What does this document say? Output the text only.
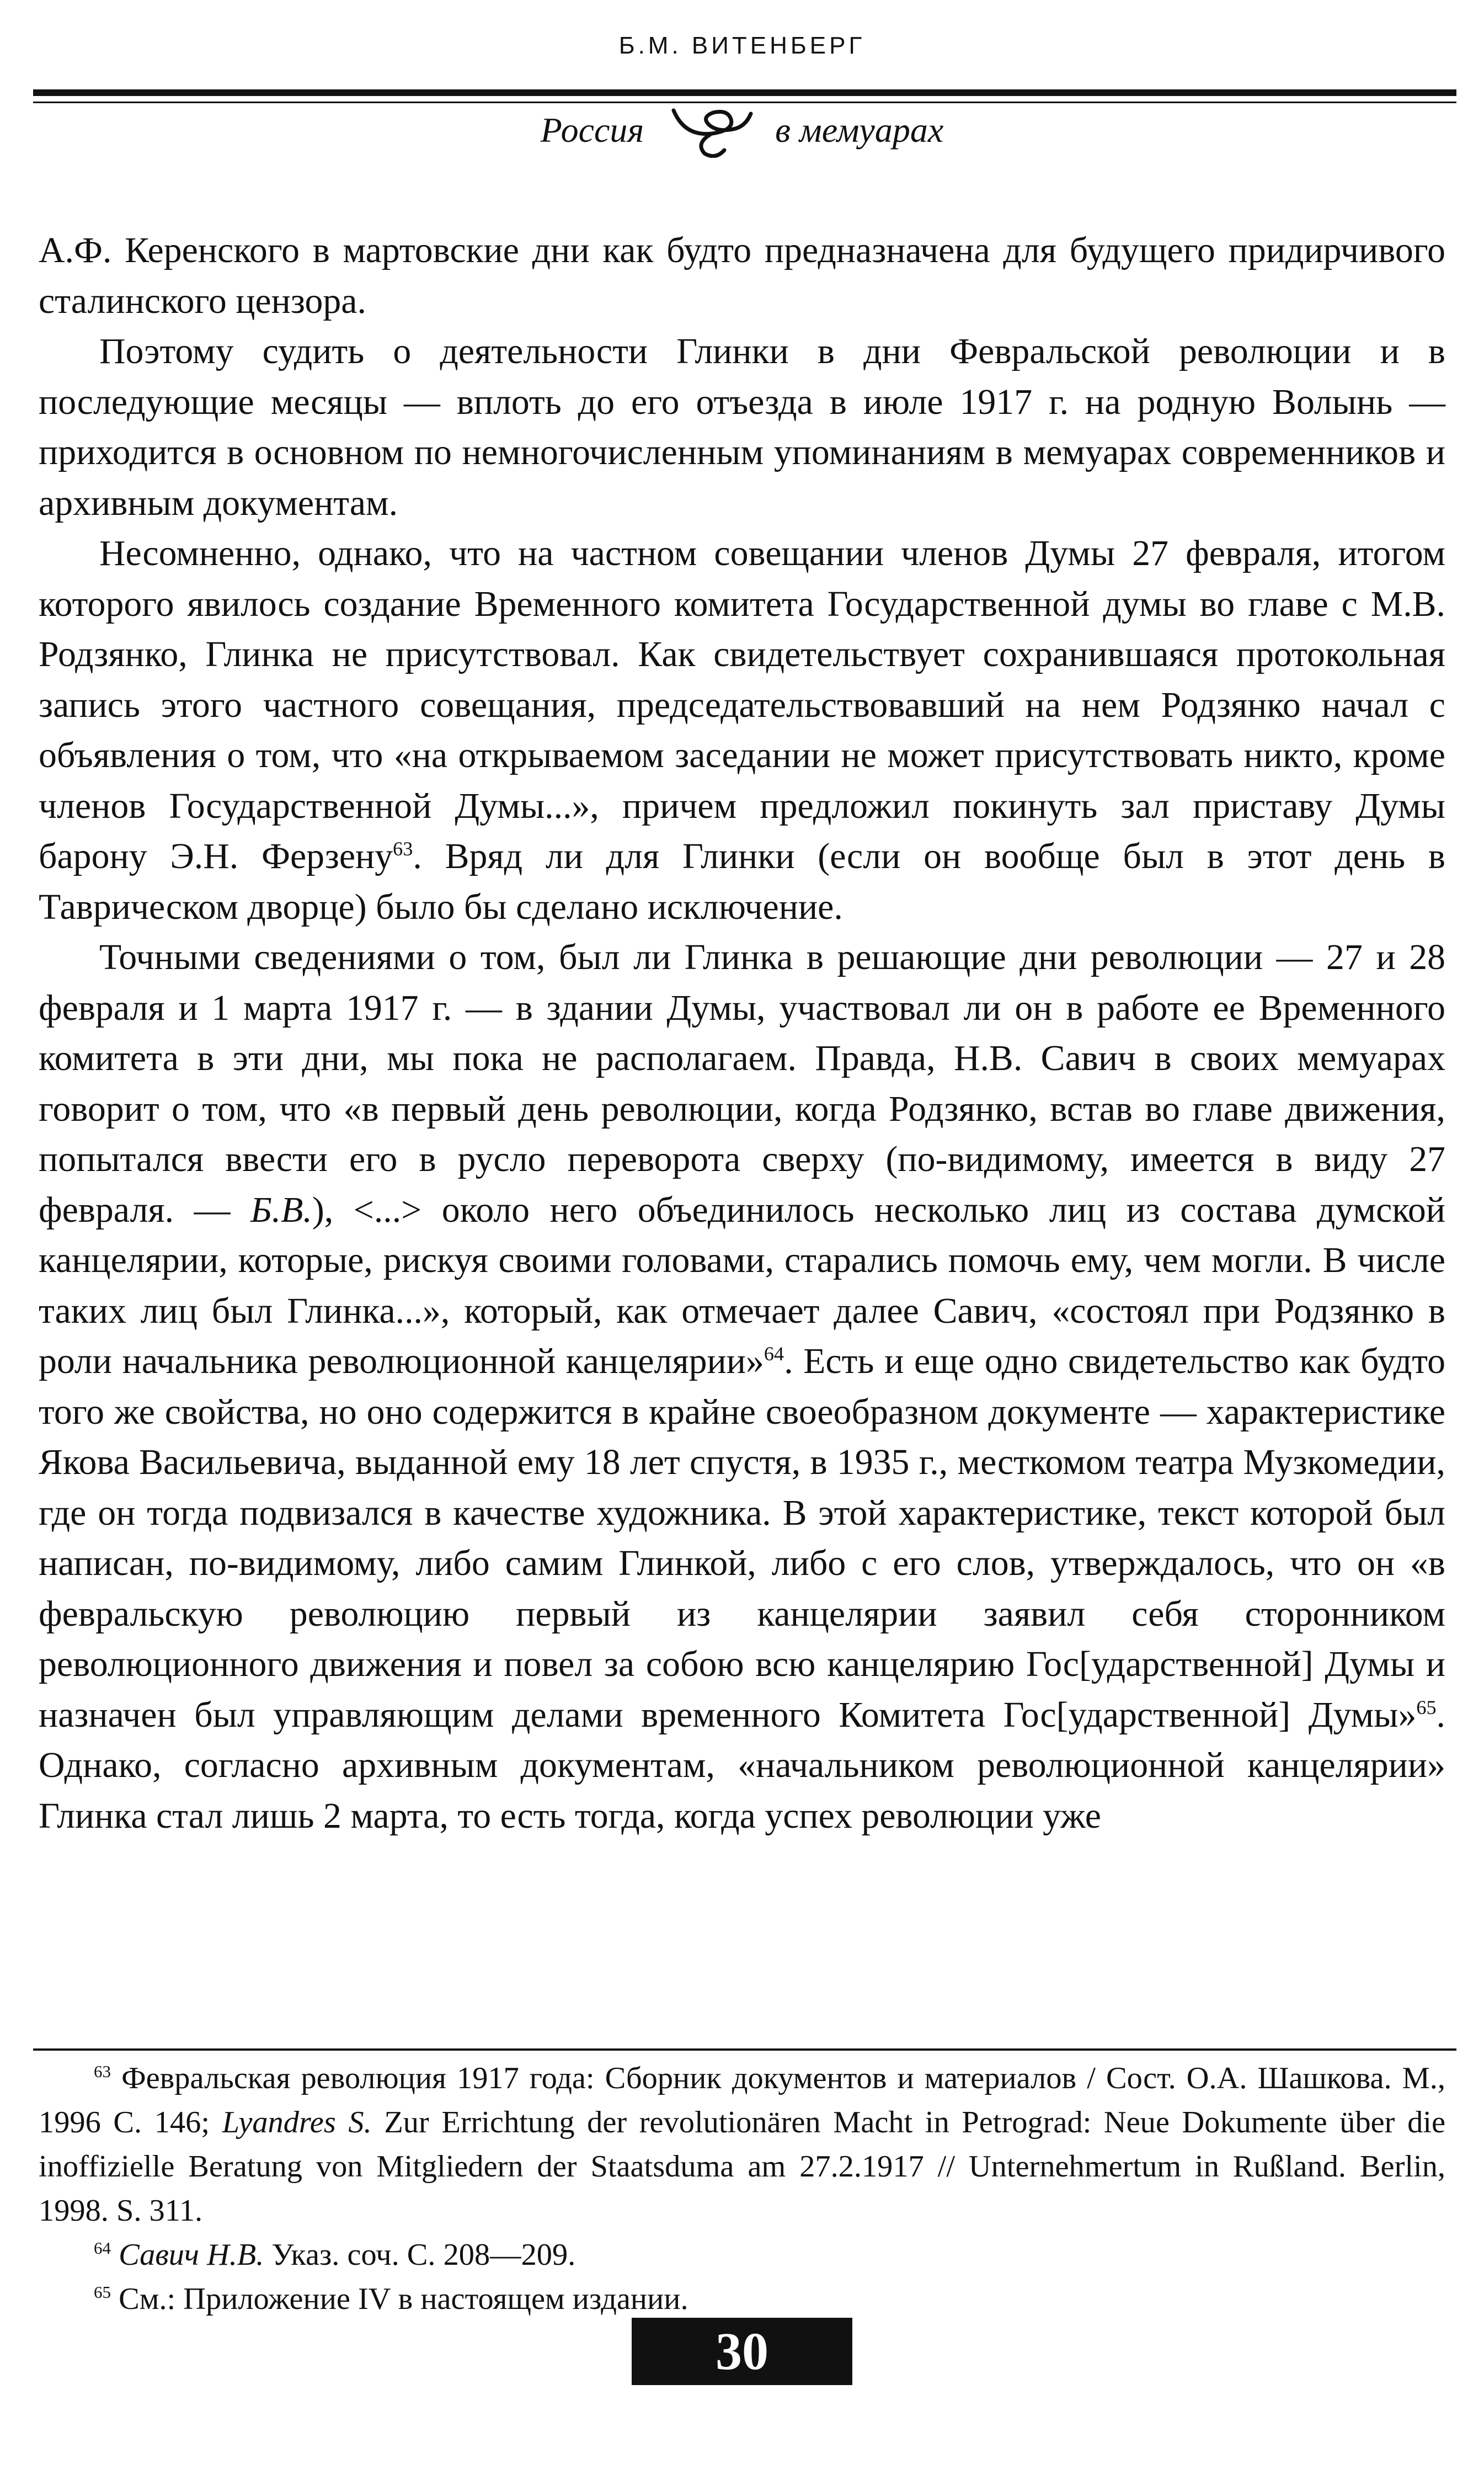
Б.М. ВИТЕНБЕРГ
Россия	в мемуарах

А.Ф. Керенского в мартовские дни как будто предназначена для будущего придирчивого сталинского цензора.

Поэтому судить о деятельности Глинки в дни Февральской революции и в последующие месяцы — вплоть до его отъезда в июле 1917 г. на родную Волынь — приходится в основном по немногочисленным упоминаниям в мемуарах современников и архивным документам.

Несомненно, однако, что на частном совещании членов Думы 27 февраля, итогом которого явилось создание Временного комитета Государственной думы во главе с М.В. Родзянко, Глинка не присутствовал. Как свидетельствует сохранившаяся протокольная запись этого частного совещания, председательствовавший на нем Родзянко начал с объявления о том, что «на открываемом заседании не может присутствовать никто, кроме членов Государственной Думы...», причем предложил покинуть зал приставу Думы барону Э.Н. Ферзену$^{63}$. Вряд ли для Глинки (если он вообще был в этот день в Таврическом дворце) было бы сделано исключение.

Точными сведениями о том, был ли Глинка в решающие дни революции — 27 и 28 февраля и 1 марта 1917 г. — в здании Думы, участвовал ли он в работе ее Временного комитета в эти дни, мы пока не располагаем. Правда, Н.В. Савич в своих мемуарах говорит о том, что «в первый день революции, когда Родзянко, встав во главе движения, попытался ввести его в русло переворота сверху (по-видимому, имеется в виду 27 февраля. — Б.В.), <...> около него объединилось несколько лиц из состава думской канцелярии, которые, рискуя своими головами, старались помочь ему, чем могли. В числе таких лиц был Глинка...», который, как отмечает далее Савич, «состоял при Родзянко в роли начальника революционной канцелярии»$^{64}$. Есть и еще одно свидетельство как будто того же свойства, но оно содержится в крайне своеобразном документе — характеристике Якова Васильевича, выданной ему 18 лет спустя, в 1935 г., месткомом театра Музкомедии, где он тогда подвизался в качестве художника. В этой характеристике, текст которой был написан, по-видимому, либо самим Глинкой, либо с его слов, утверждалось, что он «в февральскую революцию первый из канцелярии заявил себя сторонником революционного движения и повел за собою всю канцелярию Гос[ударственной] Думы и назначен был управляющим делами временного Комитета Гос[ударственной] Думы»$^{65}$. Однако, согласно архивным документам, «начальником революционной канцелярии» Глинка стал лишь 2 марта, то есть тогда, когда успех революции уже

$^{63}$ Февральская революция 1917 года: Сборник документов и материалов / Сост. О.А. Шашкова. М., 1996 С. 146; Lyandres S. Zur Errichtung der revolutionären Macht in Petrograd: Neue Dokumente über die inoffizielle Beratung von Mitgliedern der Staatsduma am 27.2.1917 // Unternehmertum in Rußland. Berlin, 1998. S. 311.

$^{64}$ Савич Н.В. Указ. соч. С. 208—209.

$^{65}$ См.: Приложение IV в настоящем издании.

30
